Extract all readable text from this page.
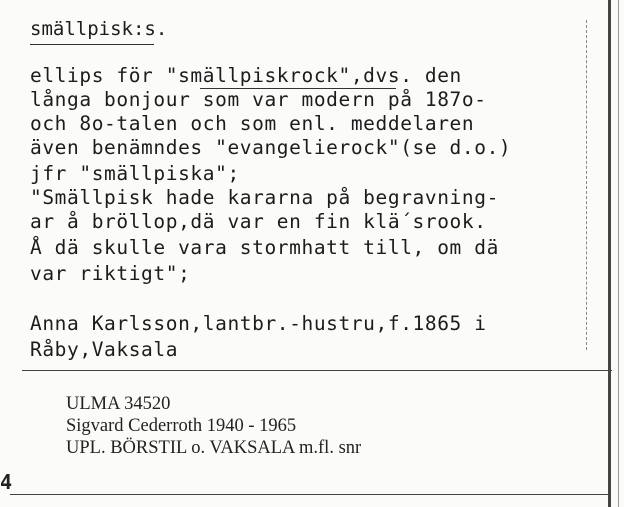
smällpisk:s.
ellips för "smällpiskrock",dvs. den
långa bonjour som var modern på 187o-
och 8o-talen och som enl. meddelaren
även benämndes "evangelierock"(se d.o.)
jfr "smällpiska";
"Smällpisk hade kararna på begravning-
ar å bröllop,dä var en fin klä´srook.
Å dä skulle vara stormhatt till, om dä
var riktigt";
Anna Karlsson,lantbr.-hustru,f.1865 i
Råby,Vaksala
ULMA 34520
Sigvard Cederroth 1940 - 1965
UPL. BÖRSTIL o. VAKSALA m.fl. snr
4
